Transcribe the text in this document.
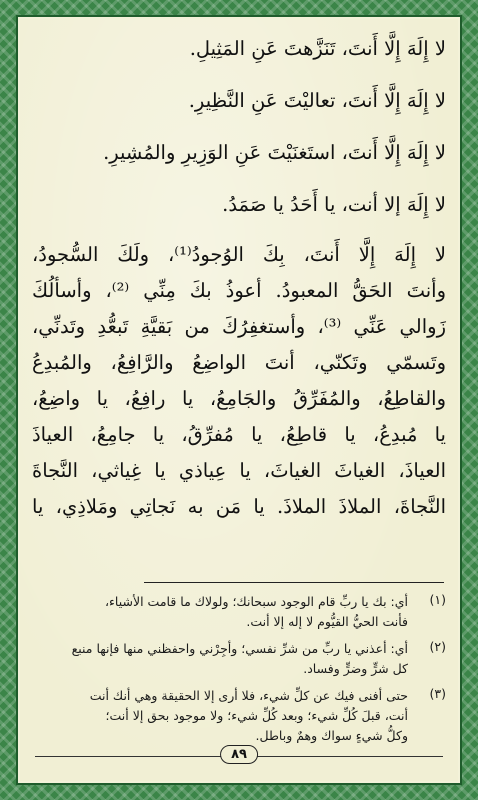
لا إِلَهَ إِلَّا أَنتَ، تَنَزَّهتَ عَنِ المَثِيلِ.
لا إِلَهَ إِلَّا أَنتَ، تعاليْتَ عَنِ النَّظِيرِ.
لا إِلَهَ إِلَّا أَنتَ، استَغنَيْتَ عَنِ الوَزِيرِ والمُشِيرِ.
لا إِلَهَ إلا أنت، يا أَحَدُ يا صَمَدُ.
لا إِلَهَ إِلَّا أَنتَ، بِكَ الوُجودُ⁽¹⁾، ولَكَ السُّجودُ،
وأنتَ الحَقُّ المعبودُ. أعوذُ بكَ مِنِّي ⁽²⁾، وأسألُكَ
زَوالي عَنِّي ⁽³⁾، وأستغفِرُكَ من بَقيَّةِ تَبعُّدِ وتَدنِّي،
وتَسمّي وتَكنّي، أنتَ الواضِعُ والرَّافِعُ، والمُبدِعُ
والقاطِعُ، والمُفَرِّقُ والجَامِعُ، يا رافِعُ، يا واضِعُ،
يا مُبدِعُ، يا قاطِعُ، يا مُفرِّقُ، يا جامِعُ، العياذَ
العياذَ، الغياثَ الغياثَ، يا عِياذي يا غِياثي، النَّجاةَ
النَّجاةَ، الملاذَ الملاذَ. يا مَن به نَجاتِي ومَلاذِي، يا
(١)
أي: بك يا ربِّ قام الوجود سبحانك؛ ولولاك ما قامت الأشياء،
فأنت الحيُّ القيُّوم لا إله إلا أنت.
(٢)
أي: أعذني يا ربِّ من شرِّ نفسي؛ وأجِرْني واحفظني منها فإنها منبع
كل شرٍّ وضرٍّ وفساد.
(٣)
حتى أفنى فيك عن كلِّ شيء، فلا أرى إلا الحقيقة وهي أنك أنت
أنت، قبلَ كُلِّ شيء؛ وبعد كُلِّ شيء؛ ولا موجود بحق إلا أنت؛
وكلُّ شيءٍ سواك وهمٌ وباطل.
٨٩
